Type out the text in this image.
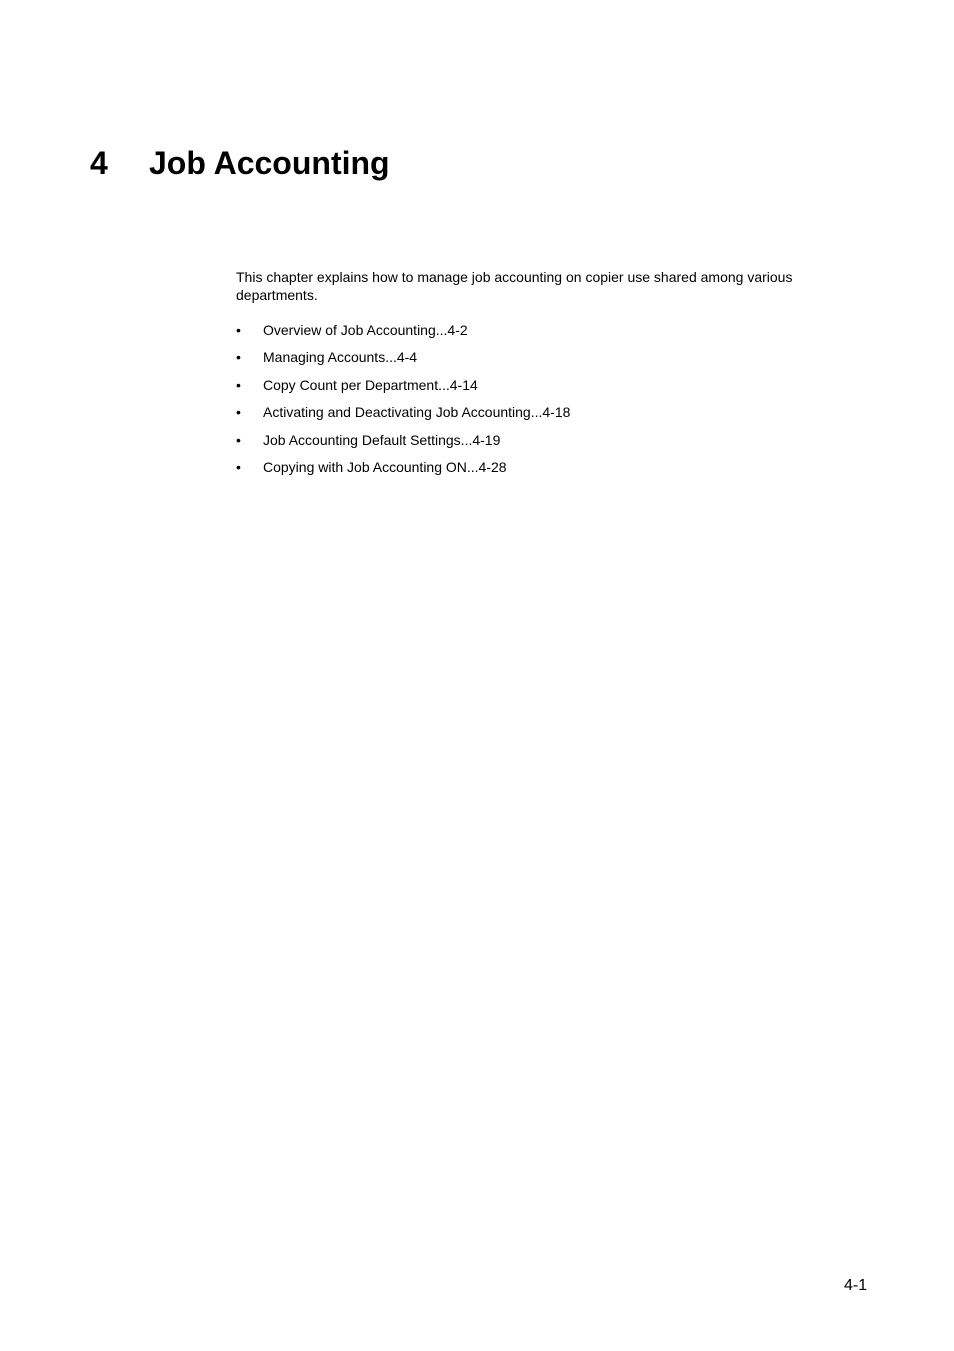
4 Job Accounting

This chapter explains how to manage job accounting on copier use shared among various departments.

• Overview of Job Accounting...4-2
• Managing Accounts...4-4
• Copy Count per Department...4-14
• Activating and Deactivating Job Accounting...4-18
• Job Accounting Default Settings...4-19
• Copying with Job Accounting ON...4-28
4-1
